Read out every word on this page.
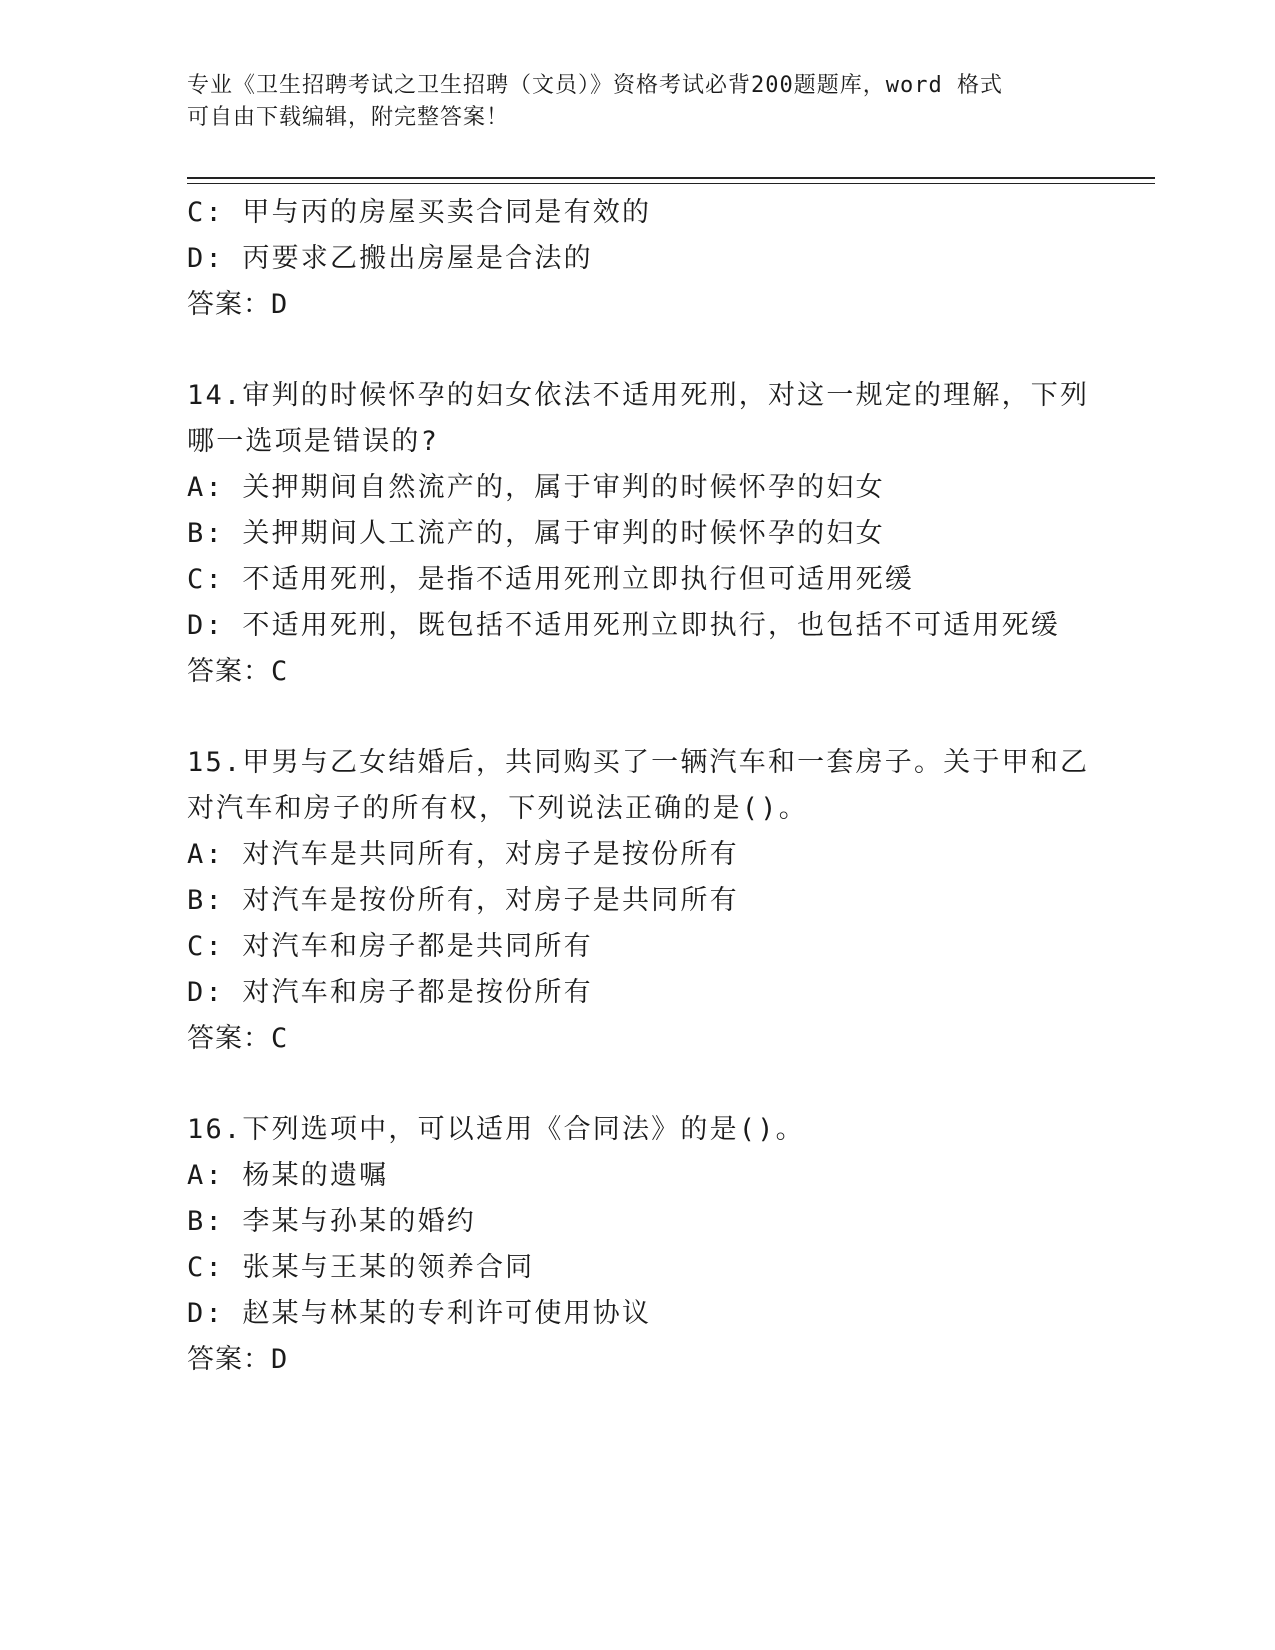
专业《卫生招聘考试之卫生招聘（文员）》资格考试必背200题题库，word 格式
可自由下载编辑，附完整答案！
C: 甲与丙的房屋买卖合同是有效的
D: 丙要求乙搬出房屋是合法的
答案：D
14.审判的时候怀孕的妇女依法不适用死刑，对这一规定的理解，下列
哪一选项是错误的?
A: 关押期间自然流产的，属于审判的时候怀孕的妇女
B: 关押期间人工流产的，属于审判的时候怀孕的妇女
C: 不适用死刑，是指不适用死刑立即执行但可适用死缓
D: 不适用死刑，既包括不适用死刑立即执行，也包括不可适用死缓
答案：C
15.甲男与乙女结婚后，共同购买了一辆汽车和一套房子。关于甲和乙
对汽车和房子的所有权，下列说法正确的是()。
A: 对汽车是共同所有，对房子是按份所有
B: 对汽车是按份所有，对房子是共同所有
C: 对汽车和房子都是共同所有
D: 对汽车和房子都是按份所有
答案：C
16.下列选项中，可以适用《合同法》的是()。
A: 杨某的遗嘱
B: 李某与孙某的婚约
C: 张某与王某的领养合同
D: 赵某与林某的专利许可使用协议
答案：D
